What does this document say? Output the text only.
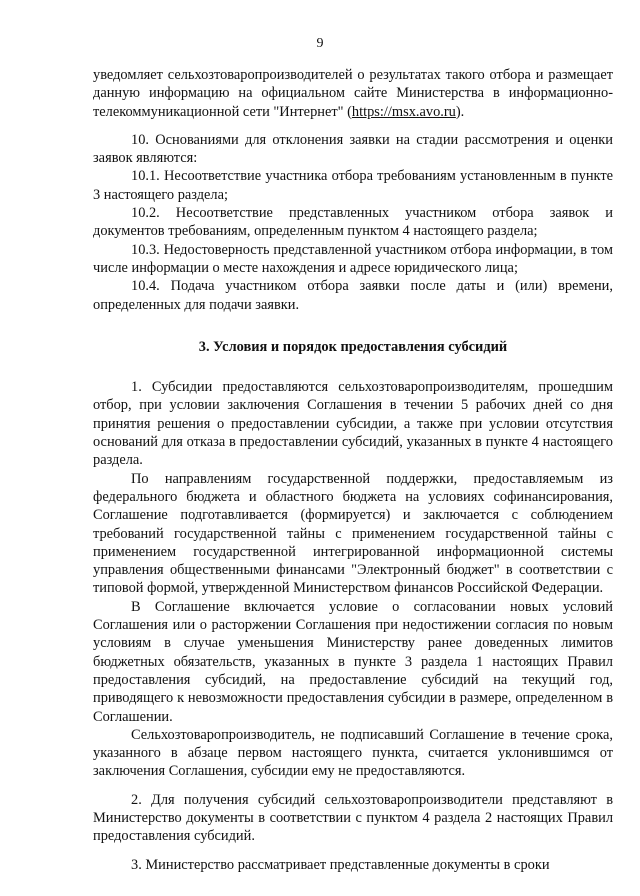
9

уведомляет сельхозтоваропроизводителей о результатах такого отбора и размещает данную информацию на официальном сайте Министерства в информационно-телекоммуникационной сети "Интернет" (https://msx.avo.ru).

10. Основаниями для отклонения заявки на стадии рассмотрения и оценки заявок являются:

10.1. Несоответствие участника отбора требованиям установленным в пункте 3 настоящего раздела;

10.2. Несоответствие представленных участником отбора заявок и документов требованиям, определенным пунктом 4 настоящего раздела;

10.3. Недостоверность представленной участником отбора информации, в том числе информации о месте нахождения и адресе юридического лица;

10.4. Подача участником отбора заявки после даты и (или) времени, определенных для подачи заявки.

3. Условия и порядок предоставления субсидий

1. Субсидии предоставляются сельхозтоваропроизводителям, прошедшим отбор, при условии заключения Соглашения в течении 5 рабочих дней со дня принятия решения о предоставлении субсидии, а также при условии отсутствия оснований для отказа в предоставлении субсидий, указанных в пункте 4 настоящего раздела.

По направлениям государственной поддержки, предоставляемым из федерального бюджета и областного бюджета на условиях софинансирования, Соглашение подготавливается (формируется) и заключается с соблюдением требований государственной тайны с применением государственной тайны с применением государственной интегрированной информационной системы управления общественными финансами "Электронный бюджет" в соответствии с типовой формой, утвержденной Министерством финансов Российской Федерации.

В Соглашение включается условие о согласовании новых условий Соглашения или о расторжении Соглашения при недостижении согласия по новым условиям в случае уменьшения Министерству ранее доведенных лимитов бюджетных обязательств, указанных в пункте 3 раздела 1 настоящих Правил предоставления субсидий, на предоставление субсидий на текущий год, приводящего к невозможности предоставления субсидии в размере, определенном в Соглашении.

Сельхозтоваропроизводитель, не подписавший Соглашение в течение срока, указанного в абзаце первом настоящего пункта, считается уклонившимся от заключения Соглашения, субсидии ему не предоставляются.

2. Для получения субсидий сельхозтоваропроизводители представляют в Министерство документы в соответствии с пунктом 4 раздела 2 настоящих Правил предоставления субсидий.

3. Министерство рассматривает представленные документы в сроки
